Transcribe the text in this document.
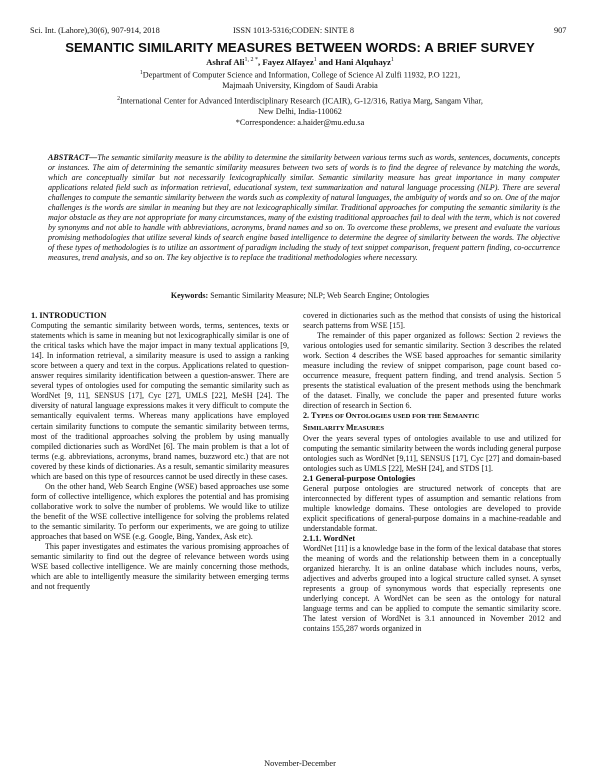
Sci. Int. (Lahore),30(6), 907-914, 2018	ISSN 1013-5316;CODEN: SINTE 8	907
SEMANTIC SIMILARITY MEASURES BETWEEN WORDS: A BRIEF SURVEY
Ashraf Ali$^{1, 2 *}$, Fayez Alfayez$^1$ and Hani Alquhayz$^1$
$^1$Department of Computer Science and Information, College of Science Al Zulfi 11932, P.O 1221,
Majmaah University, Kingdom of Saudi Arabia
$^2$International Center for Advanced Interdisciplinary Research (ICAIR), G-12/316, Ratiya Marg, Sangam Vihar,
New Delhi, India-110062
*Correspondence: a.haider@mu.edu.sa
ABSTRACT—The semantic similarity measure is the ability to determine the similarity between various terms such as words, sentences, documents, concepts or instances. The aim of determining the semantic similarity measures between two sets of words is to find the degree of relevance by matching the words, which are conceptually similar but not necessarily lexicographically similar. Semantic similarity measure has great importance in many computer applications related field such as information retrieval, educational system, text summarization and natural language processing (NLP). There are several challenges to compute the semantic similarity between the words such as complexity of natural languages, the ambiguity of words and so on. One of the major challenges is the words are similar in meaning but they are not lexicographically similar. Traditional approaches for computing the semantic similarity is the major obstacle as they are not appropriate for many circumstances, many of the existing traditional approaches fail to deal with the term, which is not covered by synonyms and not able to handle with abbreviations, acronyms, brand names and so on. To overcome these problems, we present and evaluate the various promising methodologies that utilize several kinds of search engine based intelligence to determine the degree of similarity between the words. The objective of these types of methodologies is to utilize an assortment of paradigm including the study of text snippet comparison, frequent pattern finding, co-occurrence measures, trend analysis, and so on. The key objective is to replace the traditional methodologies where necessary.
Keywords: Semantic Similarity Measure; NLP; Web Search Engine; Ontologies

1. INTRODUCTION

Computing the semantic similarity between words, terms, sentences, texts or statements which is same in meaning but not lexicographically similar is one of the critical tasks which have the major impact in many textual applications [9, 14]. In information retrieval, a similarity measure is used to assign a ranking score between a query and text in the corpus. Applications related to question-answer requires similarity identification between a question-answer. There are several types of ontologies used for computing the semantic similarity such as WordNet [9, 11], SENSUS [17], Cyc [27], UMLS [22], MeSH [24]. The diversity of natural language expressions makes it very difficult to compute the semantically equivalent terms. Whereas many applications have employed certain similarity functions to compute the semantic similarity between terms, most of the traditional approaches solving the problem by using manually compiled dictionaries such as WordNet [6]. The main problem is that a lot of terms (e.g. abbreviations, acronyms, brand names, buzzword etc.) that are not covered by these kinds of dictionaries. As a result, semantic similarity measures which are based on this type of resources cannot be used directly in these cases.

On the other hand, Web Search Engine (WSE) based approaches use some form of collective intelligence, which explores the potential and has promising collaborative work to solve the number of problems. We would like to utilize the benefit of the WSE collective intelligence for solving the problems related to the semantic similarity. To perform our experiments, we are going to utilize approaches that based on WSE (e.g. Google, Bing, Yandex, Ask etc).

This paper investigates and estimates the various promising approaches of semantic similarity to find out the degree of relevance between words using WSE based collective intelligence. We are mainly concerning those methods, which are able to intelligently measure the similarity between emerging terms and not frequently

covered in dictionaries such as the method that consists of using the historical search patterns from WSE [15].

The remainder of this paper organized as follows: Section 2 reviews the various ontologies used for semantic similarity. Section 3 describes the related work. Section 4 describes the WSE based approaches for semantic similarity measure including the review of snippet comparison, page count based co-occurrence measure, frequent pattern finding, and trend analysis. Section 5 presents the statistical evaluation of the present methods using the benchmark of the dataset. Finally, we conclude the paper and presented future works direction of research in Section 6.

2. TYPES OF ONTOLOGIES USED FOR THE SEMANTIC
SIMILARITY MEASURES

Over the years several types of ontologies available to use and utilized for computing the semantic similarity between the words including general purpose ontologies such as WordNet [9,11], SENSUS [17], Cyc [27] and domain-based ontologies such as UMLS [22], MeSH [24], and STDS [1].

2.1 General-purpose Ontologies

General purpose ontologies are structured network of concepts that are interconnected by different types of assumption and semantic relations from multiple knowledge domains. These ontologies are developed to provide explicit specifications of general-purpose domains in a machine-readable and understandable format.

2.1.1. WordNet

WordNet [11] is a knowledge base in the form of the lexical database that stores the meaning of words and the relationship between them in a conceptually organized hierarchy. It is an online database which includes nouns, verbs, adjectives and adverbs grouped into a logical structure called synset. A synset represents a group of synonymous words that especially represents one underlying concept. A WordNet can be seen as the ontology for natural language terms and can be applied to compute the semantic similarity score. The latest version of WordNet is 3.1 announced in November 2012 and contains 155,287 words organized in

November-December
